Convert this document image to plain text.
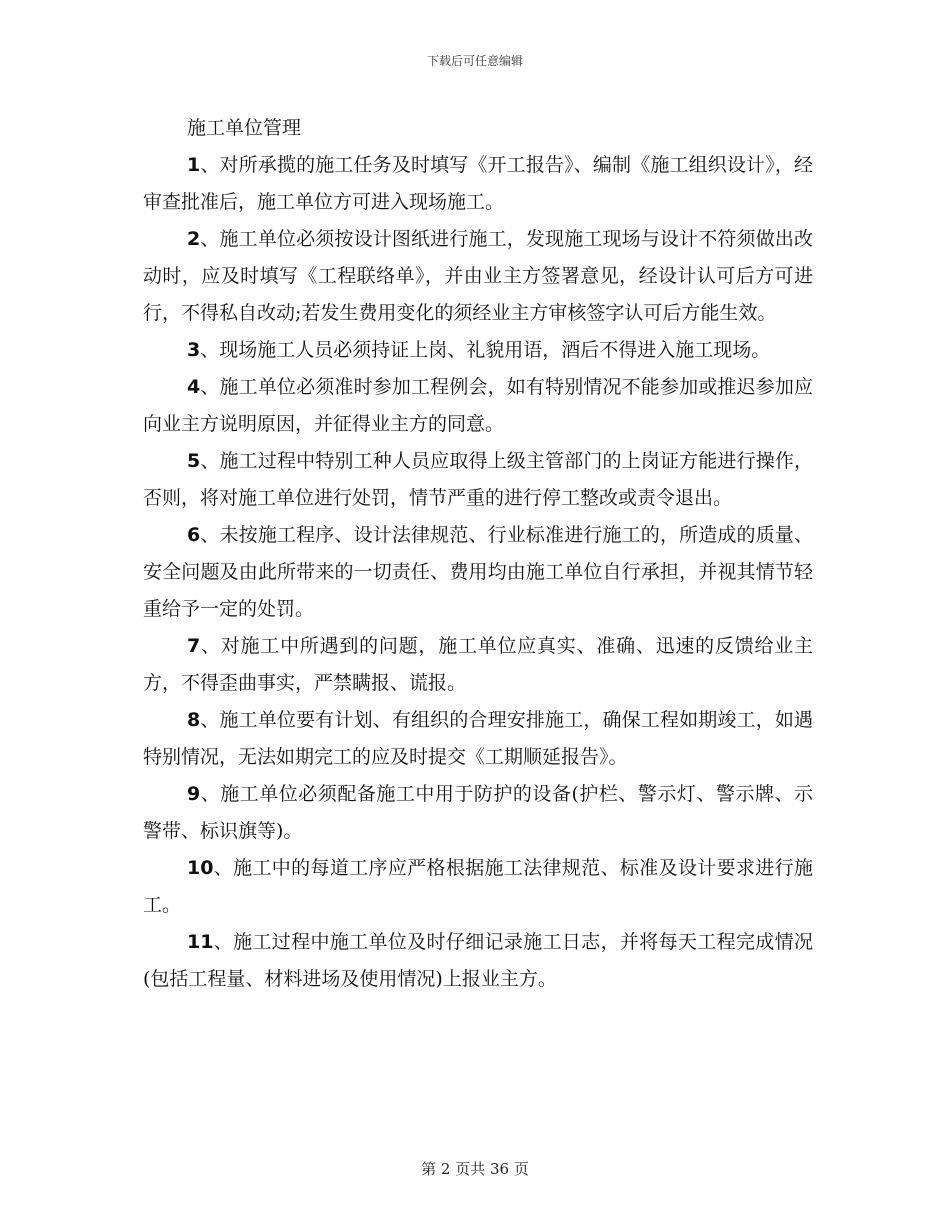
下载后可任意编辑

施工单位管理

1、对所承揽的施工任务及时填写《开工报告》、编制《施工组织设计》，经审查批准后，施工单位方可进入现场施工。

2、施工单位必须按设计图纸进行施工，发现施工现场与设计不符须做出改动时，应及时填写《工程联络单》，并由业主方签署意见，经设计认可后方可进行，不得私自改动;若发生费用变化的须经业主方审核签字认可后方能生效。

3、现场施工人员必须持证上岗、礼貌用语，酒后不得进入施工现场。

4、施工单位必须准时参加工程例会，如有特别情况不能参加或推迟参加应向业主方说明原因，并征得业主方的同意。

5、施工过程中特别工种人员应取得上级主管部门的上岗证方能进行操作，否则，将对施工单位进行处罚，情节严重的进行停工整改或责令退出。

6、未按施工程序、设计法律规范、行业标准进行施工的，所造成的质量、安全问题及由此所带来的一切责任、费用均由施工单位自行承担，并视其情节轻重给予一定的处罚。

7、对施工中所遇到的问题，施工单位应真实、准确、迅速的反馈给业主方，不得歪曲事实，严禁瞒报、谎报。

8、施工单位要有计划、有组织的合理安排施工，确保工程如期竣工，如遇特别情况，无法如期完工的应及时提交《工期顺延报告》。

9、施工单位必须配备施工中用于防护的设备(护栏、警示灯、警示牌、示警带、标识旗等)。

10、施工中的每道工序应严格根据施工法律规范、标准及设计要求进行施工。

11、施工过程中施工单位及时仔细记录施工日志，并将每天工程完成情况(包括工程量、材料进场及使用情况)上报业主方。

第 2 页共 36 页
